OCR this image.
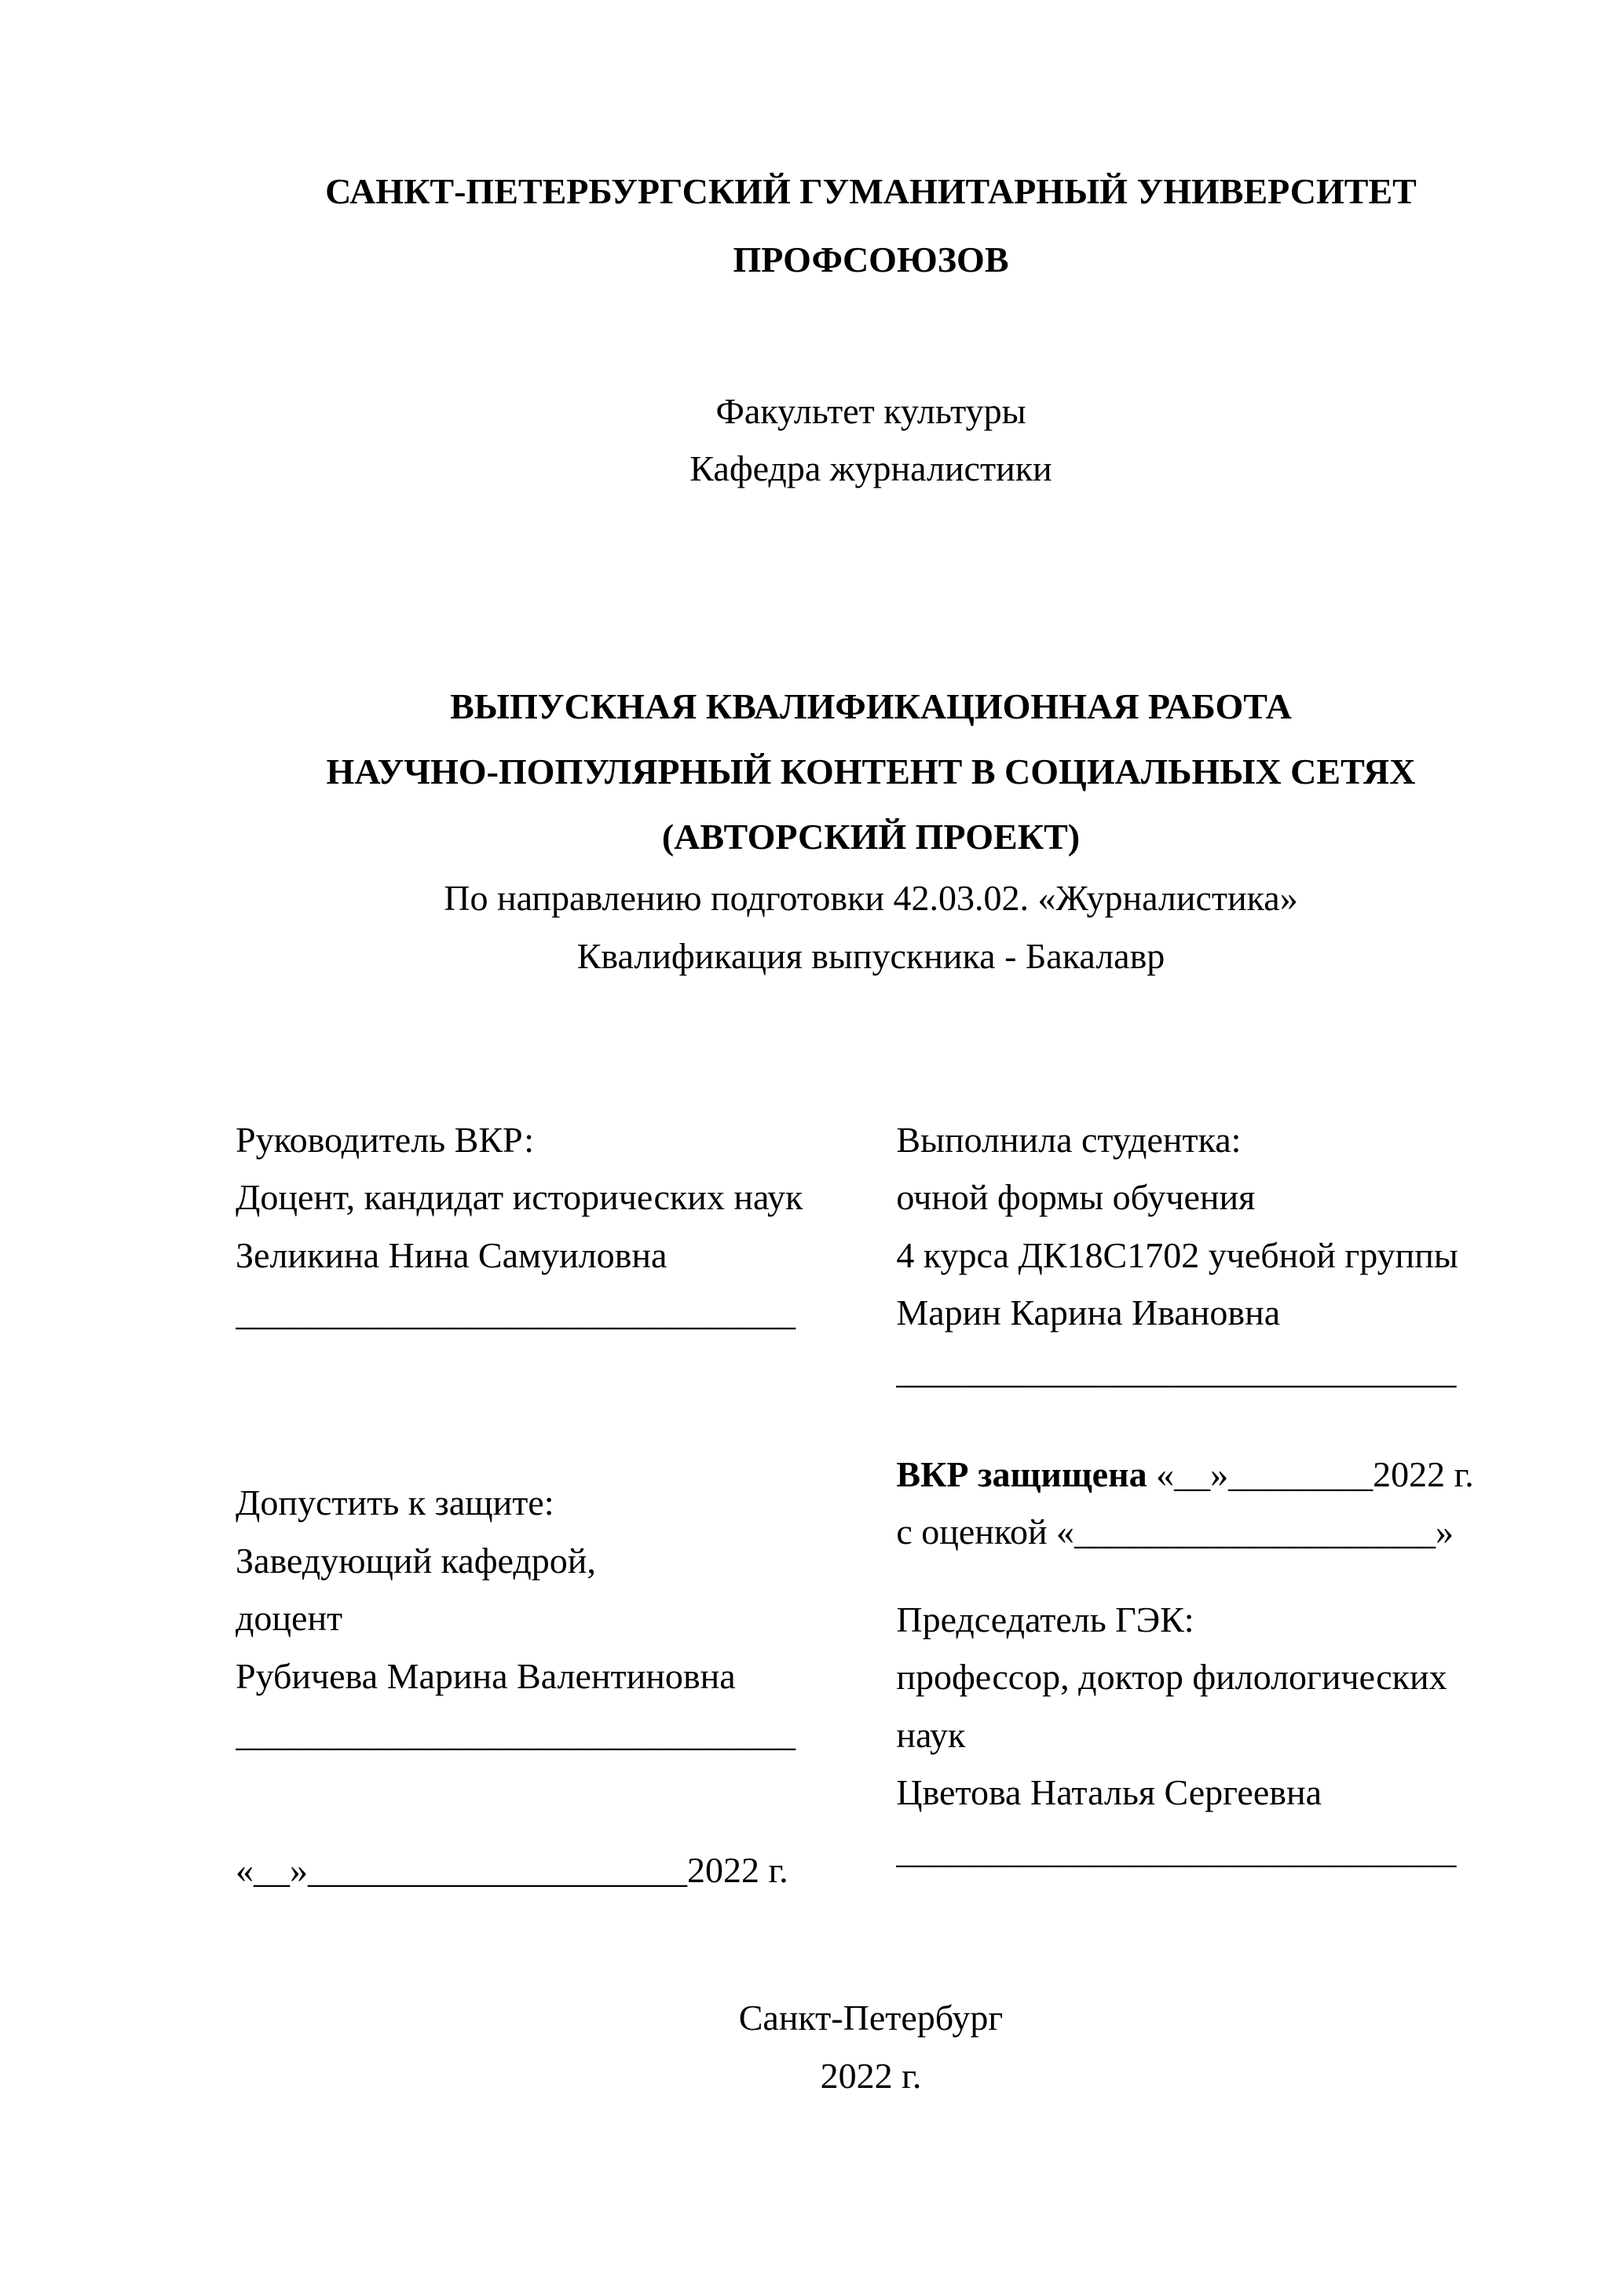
САНКТ-ПЕТЕРБУРГСКИЙ ГУМАНИТАРНЫЙ УНИВЕРСИТЕТ
ПРОФСОЮЗОВ
Факультет культуры
Кафедра журналистики
ВЫПУСКНАЯ КВАЛИФИКАЦИОННАЯ РАБОТА
НАУЧНО-ПОПУЛЯРНЫЙ КОНТЕНТ В СОЦИАЛЬНЫХ СЕТЯХ
(АВТОРСКИЙ ПРОЕКТ)
По направлению подготовки 42.03.02. «Журналистика»
Квалификация выпускника - Бакалавр
Руководитель ВКР:
Доцент, кандидат исторических наук
Зеликина Нина Самуиловна
_______________________________
Допустить к защите:
Заведующий кафедрой,
доцент
Рубичева Марина Валентиновна
_______________________________
«__»_____________________2022 г.
Выполнила студентка:
очной формы обучения
4 курса ДК18С1702 учебной группы
Марин Карина Ивановна
_______________________________
ВКР защищена «__»________2022 г.
с оценкой «____________________»
Председатель ГЭК:
профессор, доктор филологических наук
Цветова Наталья Сергеевна
_______________________________
Санкт-Петербург
2022 г.
